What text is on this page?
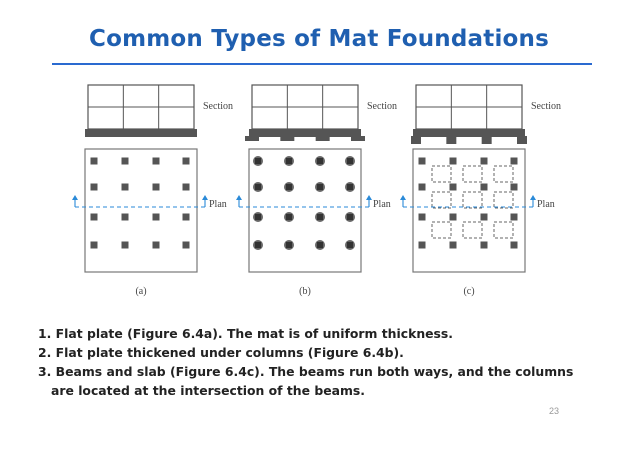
Common Types of Mat Foundations
Section
Plan
(a)
Section
Plan
(b)
Section
Plan
(c)

1. Flat plate (Figure 6.4a). The mat is of uniform thickness.

2. Flat plate thickened under columns (Figure 6.4b).

3. Beams and slab (Figure 6.4c). The beams run both ways, and the columns

are located at the intersection of the beams.

23
